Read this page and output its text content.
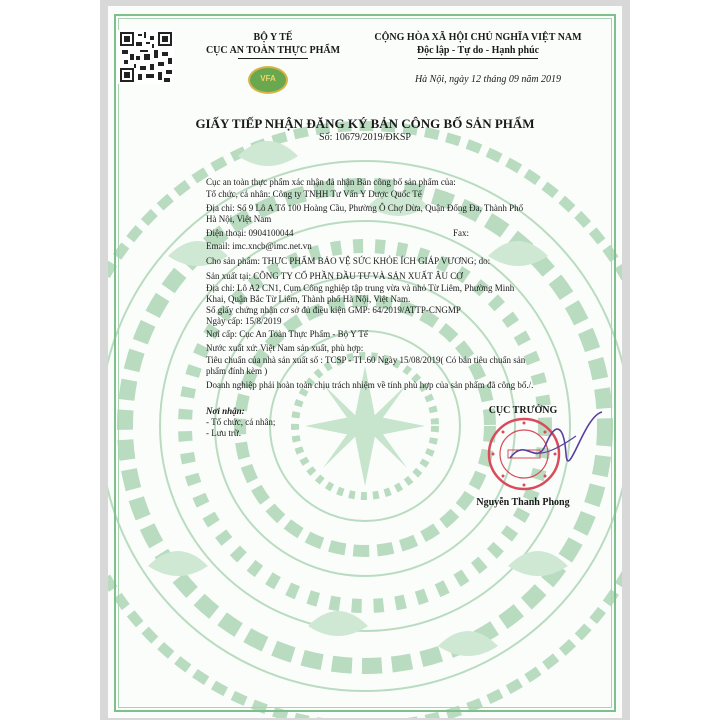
BỘ Y TẾ
CỤC AN TOÀN THỰC PHẨM
VFA
CỘNG HÒA XÃ HỘI CHỦ NGHĨA VIỆT NAM
Độc lập - Tự do - Hạnh phúc
Hà Nội, ngày 12 tháng 09 năm 2019
GIẤY TIẾP NHẬN ĐĂNG KÝ BẢN CÔNG BỐ SẢN PHẨM
Số: 10679/2019/ĐKSP
Cục an toàn thực phẩm xác nhận đã nhận Bản công bố sản phẩm của:
Tổ chức, cá nhân: Công ty TNHH Tư Vấn Y Dược Quốc Tế
Địa chỉ: Số 9 Lô A Tổ 100 Hoàng Cầu, Phường Ô Chợ Dừa, Quận Đống Đa, Thành Phố
Hà Nội, Việt Nam
Điện thoại: 0904100044	Fax:
Email: imc.xncb@imc.net.vn
Cho sản phẩm: THỰC PHẨM BẢO VỆ SỨC KHỎE ÍCH GIÁP VƯƠNG; do:
Sản xuất tại: CÔNG TY CỔ PHẦN ĐẦU TƯ VÀ SẢN XUẤT ÂU CƠ
Địa chỉ: Lô A2 CN1, Cụm Công nghiệp tập trung vừa và nhỏ Từ Liêm, Phường Minh
Khai, Quận Bắc Từ Liêm, Thành phố Hà Nội, Việt Nam.
Số giấy chứng nhận cơ sở đủ điều kiện GMP: 64/2019/ATTP-CNGMP
Ngày cấp: 15/8/2019
Nơi cấp: Cục An Toàn Thực Phẩm - Bộ Y Tế
Nước xuất xứ: Việt Nam sản xuất, phù hợp:
Tiêu chuẩn của nhà sản xuất số : TCSP - TI .60 Ngày 15/08/2019( Có bản tiêu chuẩn sản
phẩm đính kèm )
Doanh nghiệp phải hoàn toàn chịu trách nhiệm về tính phù hợp của sản phẩm đã công bố./.
Nơi nhận:
- Tổ chức, cá nhân;
- Lưu trữ.
CỤC TRƯỞNG
Nguyễn Thanh Phong
